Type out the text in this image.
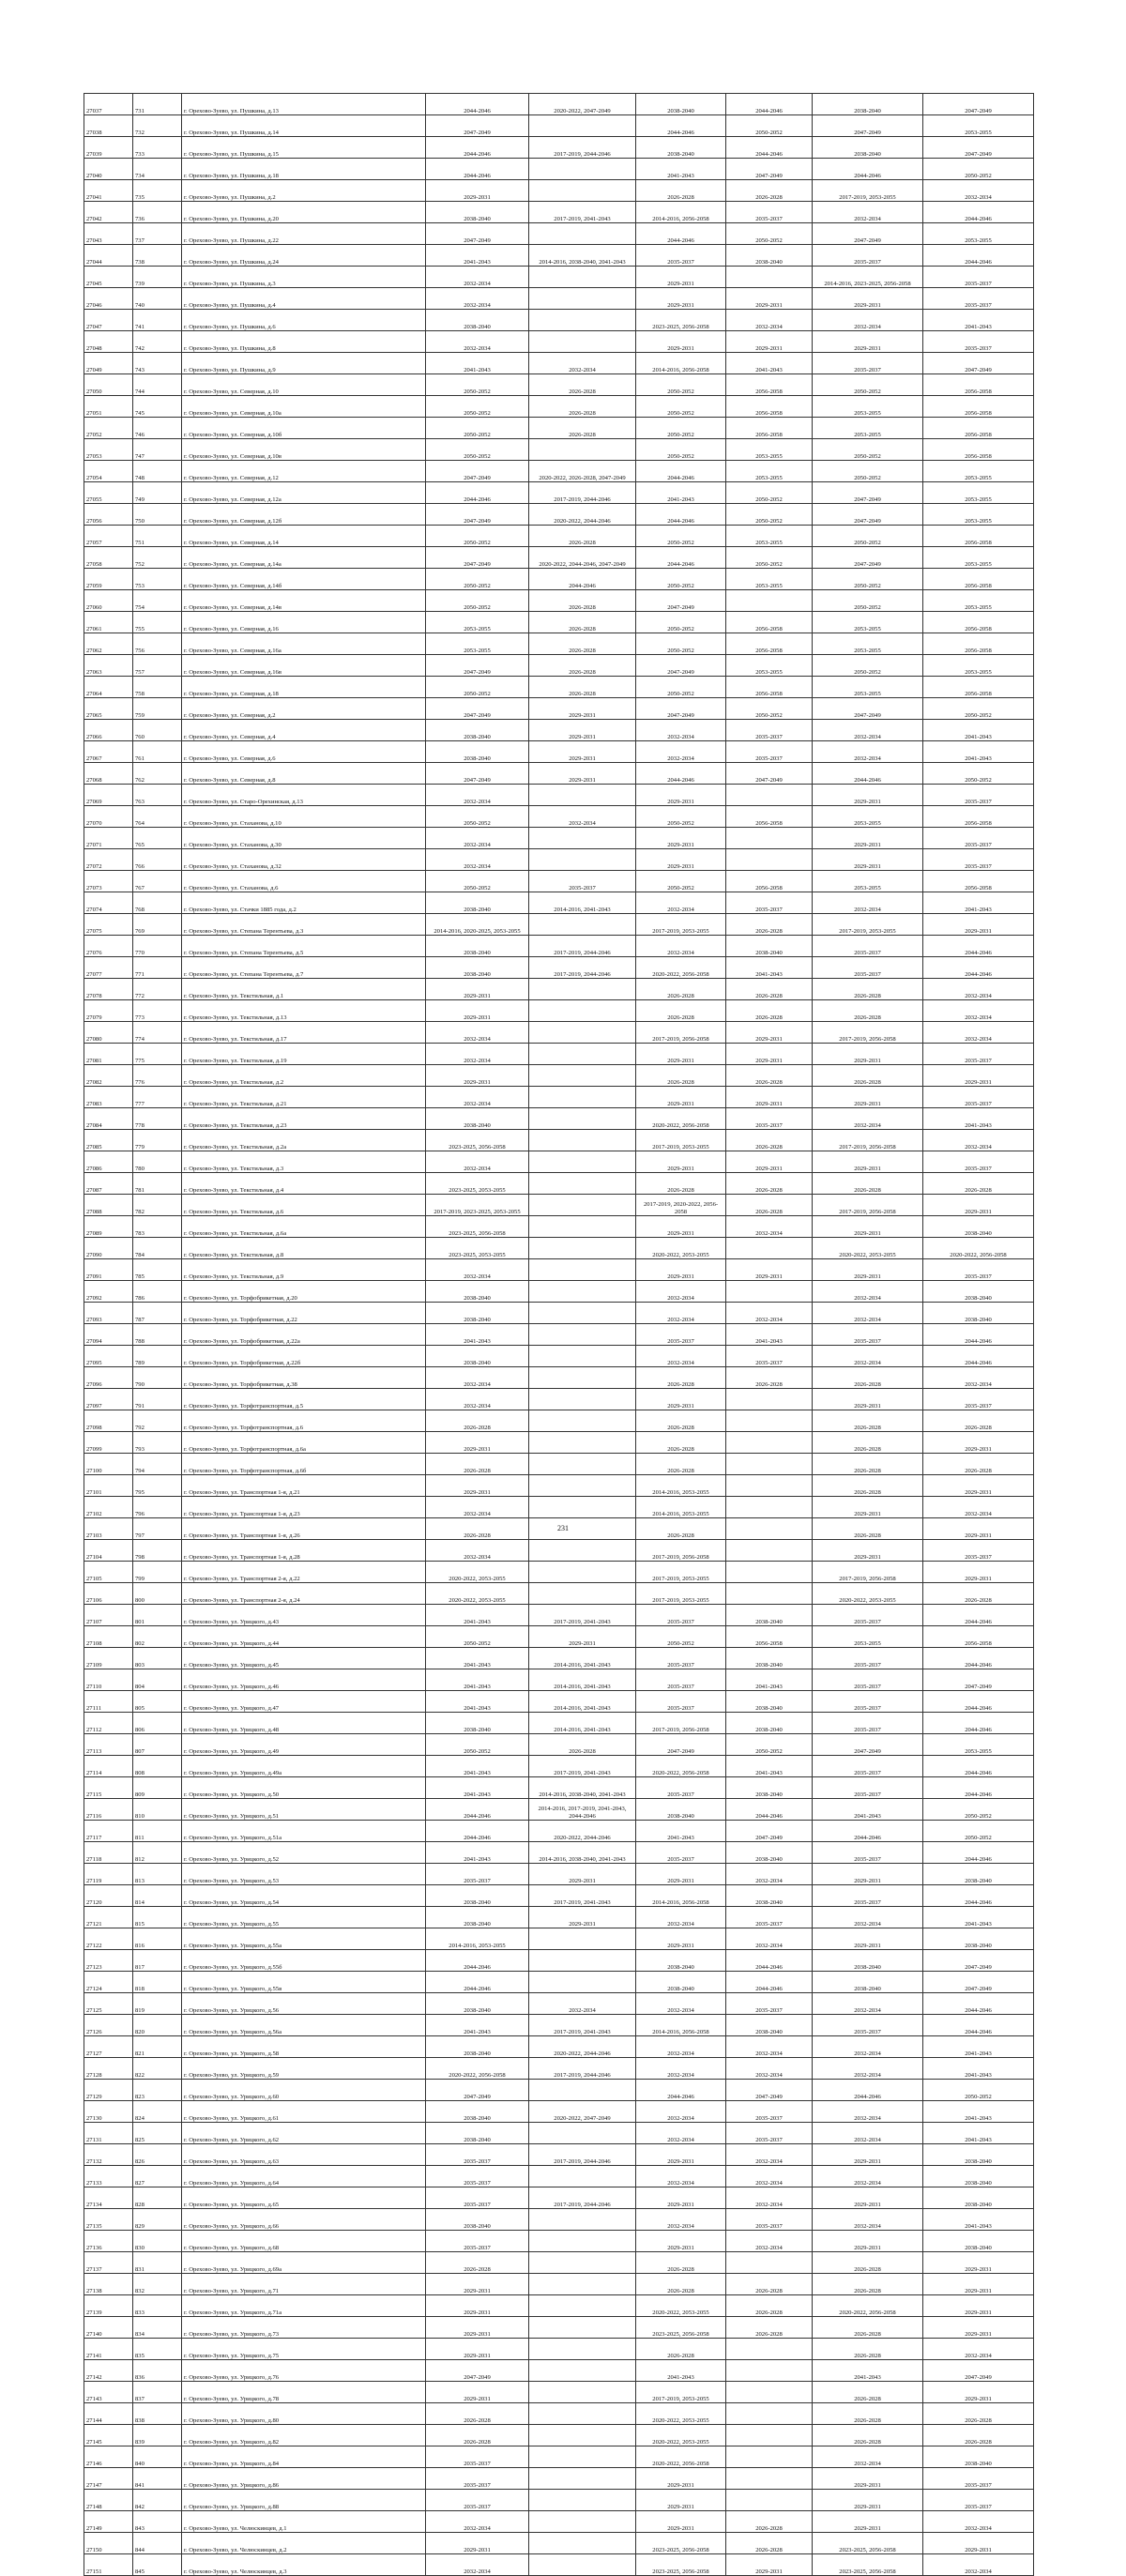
27037	731	г. Орехово-Зуево, ул. Пушкина, д.13	2044-2046	2020-2022, 2047-2049	2038-2040	2044-2046	2038-2040	2047-2049
27038	732	г. Орехово-Зуево, ул. Пушкина, д.14	2047-2049		2044-2046	2050-2052	2047-2049	2053-2055
27039	733	г. Орехово-Зуево, ул. Пушкина, д.15	2044-2046	2017-2019, 2044-2046	2038-2040	2044-2046	2038-2040	2047-2049
27040	734	г. Орехово-Зуево, ул. Пушкина, д.18	2044-2046		2041-2043	2047-2049	2044-2046	2050-2052
27041	735	г. Орехово-Зуево, ул. Пушкина, д.2	2029-2031		2026-2028	2026-2028	2017-2019, 2053-2055	2032-2034
27042	736	г. Орехово-Зуево, ул. Пушкина, д.20	2038-2040	2017-2019, 2041-2043	2014-2016, 2056-2058	2035-2037	2032-2034	2044-2046
27043	737	г. Орехово-Зуево, ул. Пушкина, д.22	2047-2049		2044-2046	2050-2052	2047-2049	2053-2055
27044	738	г. Орехово-Зуево, ул. Пушкина, д.24	2041-2043	2014-2016, 2038-2040, 2041-2043	2035-2037	2038-2040	2035-2037	2044-2046
27045	739	г. Орехово-Зуево, ул. Пушкина, д.3	2032-2034		2029-2031		2014-2016, 2023-2025, 2056-2058	2035-2037
27046	740	г. Орехово-Зуево, ул. Пушкина, д.4	2032-2034		2029-2031	2029-2031	2029-2031	2035-2037
27047	741	г. Орехово-Зуево, ул. Пушкина, д.6	2038-2040		2023-2025, 2056-2058	2032-2034	2032-2034	2041-2043
27048	742	г. Орехово-Зуево, ул. Пушкина, д.8	2032-2034		2029-2031	2029-2031	2029-2031	2035-2037
27049	743	г. Орехово-Зуево, ул. Пушкина, д.9	2041-2043	2032-2034	2014-2016, 2056-2058	2041-2043	2035-2037	2047-2049
27050	744	г. Орехово-Зуево, ул. Северная, д.10	2050-2052	2026-2028	2050-2052	2056-2058	2050-2052	2056-2058
27051	745	г. Орехово-Зуево, ул. Северная, д.10а	2050-2052	2026-2028	2050-2052	2056-2058	2053-2055	2056-2058
27052	746	г. Орехово-Зуево, ул. Северная, д.10б	2050-2052	2026-2028	2050-2052	2056-2058	2053-2055	2056-2058
27053	747	г. Орехово-Зуево, ул. Северная, д.10в	2050-2052		2050-2052	2053-2055	2050-2052	2056-2058
27054	748	г. Орехово-Зуево, ул. Северная, д.12	2047-2049	2020-2022, 2026-2028, 2047-2049	2044-2046	2053-2055	2050-2052	2053-2055
27055	749	г. Орехово-Зуево, ул. Северная, д.12а	2044-2046	2017-2019, 2044-2046	2041-2043	2050-2052	2047-2049	2053-2055
27056	750	г. Орехово-Зуево, ул. Северная, д.12б	2047-2049	2020-2022, 2044-2046	2044-2046	2050-2052	2047-2049	2053-2055
27057	751	г. Орехово-Зуево, ул. Северная, д.14	2050-2052	2026-2028	2050-2052	2053-2055	2050-2052	2056-2058
27058	752	г. Орехово-Зуево, ул. Северная, д.14а	2047-2049	2020-2022, 2044-2046, 2047-2049	2044-2046	2050-2052	2047-2049	2053-2055
27059	753	г. Орехово-Зуево, ул. Северная, д.14б	2050-2052	2044-2046	2050-2052	2053-2055	2050-2052	2056-2058
27060	754	г. Орехово-Зуево, ул. Северная, д.14в	2050-2052	2026-2028	2047-2049		2050-2052	2053-2055
27061	755	г. Орехово-Зуево, ул. Северная, д.16	2053-2055	2026-2028	2050-2052	2056-2058	2053-2055	2056-2058
27062	756	г. Орехово-Зуево, ул. Северная, д.16а	2053-2055	2026-2028	2050-2052	2056-2058	2053-2055	2056-2058
27063	757	г. Орехово-Зуево, ул. Северная, д.16в	2047-2049	2026-2028	2047-2049	2053-2055	2050-2052	2053-2055
27064	758	г. Орехово-Зуево, ул. Северная, д.18	2050-2052	2026-2028	2050-2052	2056-2058	2053-2055	2056-2058
27065	759	г. Орехово-Зуево, ул. Северная, д.2	2047-2049	2029-2031	2047-2049	2050-2052	2047-2049	2050-2052
27066	760	г. Орехово-Зуево, ул. Северная, д.4	2038-2040	2029-2031	2032-2034	2035-2037	2032-2034	2041-2043
27067	761	г. Орехово-Зуево, ул. Северная, д.6	2038-2040	2029-2031	2032-2034	2035-2037	2032-2034	2041-2043
27068	762	г. Орехово-Зуево, ул. Северная, д.8	2047-2049	2029-2031	2044-2046	2047-2049	2044-2046	2050-2052
27069	763	г. Орехово-Зуево, ул. Старо-Орехинская, д.13	2032-2034		2029-2031		2029-2031	2035-2037
27070	764	г. Орехово-Зуево, ул. Стаханова, д.10	2050-2052	2032-2034	2050-2052	2056-2058	2053-2055	2056-2058
27071	765	г. Орехово-Зуево, ул. Стаханова, д.30	2032-2034		2029-2031		2029-2031	2035-2037
27072	766	г. Орехово-Зуево, ул. Стаханова, д.32	2032-2034		2029-2031		2029-2031	2035-2037
27073	767	г. Орехово-Зуево, ул. Стаханова, д.6	2050-2052	2035-2037	2050-2052	2056-2058	2053-2055	2056-2058
27074	768	г. Орехово-Зуево, ул. Стачки 1885 года, д.2	2038-2040	2014-2016, 2041-2043	2032-2034	2035-2037	2032-2034	2041-2043
27075	769	г. Орехово-Зуево, ул. Степана Терентьева, д.3	2014-2016, 2020-2025, 2053-2055		2017-2019, 2053-2055	2026-2028	2017-2019, 2053-2055	2029-2031
27076	770	г. Орехово-Зуево, ул. Степана Терентьева, д.5	2038-2040	2017-2019, 2044-2046	2032-2034	2038-2040	2035-2037	2044-2046
27077	771	г. Орехово-Зуево, ул. Степана Терентьева, д.7	2038-2040	2017-2019, 2044-2046	2020-2022, 2056-2058	2041-2043	2035-2037	2044-2046
27078	772	г. Орехово-Зуево, ул. Текстильная, д.1	2029-2031		2026-2028	2026-2028	2026-2028	2032-2034
27079	773	г. Орехово-Зуево, ул. Текстильная, д.13	2029-2031		2026-2028	2026-2028	2026-2028	2032-2034
27080	774	г. Орехово-Зуево, ул. Текстильная, д.17	2032-2034		2017-2019, 2056-2058	2029-2031	2017-2019, 2056-2058	2032-2034
27081	775	г. Орехово-Зуево, ул. Текстильная, д.19	2032-2034		2029-2031	2029-2031	2029-2031	2035-2037
27082	776	г. Орехово-Зуево, ул. Текстильная, д.2	2029-2031		2026-2028	2026-2028	2026-2028	2029-2031
27083	777	г. Орехово-Зуево, ул. Текстильная, д.21	2032-2034		2029-2031	2029-2031	2029-2031	2035-2037
27084	778	г. Орехово-Зуево, ул. Текстильная, д.23	2038-2040		2020-2022, 2056-2058	2035-2037	2032-2034	2041-2043
27085	779	г. Орехово-Зуево, ул. Текстильная, д.2а	2023-2025, 2056-2058		2017-2019, 2053-2055	2026-2028	2017-2019, 2056-2058	2032-2034
27086	780	г. Орехово-Зуево, ул. Текстильная, д.3	2032-2034		2029-2031	2029-2031	2029-2031	2035-2037
27087	781	г. Орехово-Зуево, ул. Текстильная, д.4	2023-2025, 2053-2055		2026-2028	2026-2028	2026-2028	2026-2028
27088	782	г. Орехово-Зуево, ул. Текстильная, д.6	2017-2019, 2023-2025, 2053-2055		2017-2019, 2020-2022, 2056-2058	2026-2028	2017-2019, 2056-2058	2029-2031
27089	783	г. Орехово-Зуево, ул. Текстильная, д.6а	2023-2025, 2056-2058		2029-2031	2032-2034	2029-2031	2038-2040
27090	784	г. Орехово-Зуево, ул. Текстильная, д.8	2023-2025, 2053-2055		2020-2022, 2053-2055		2020-2022, 2053-2055	2020-2022, 2056-2058
27091	785	г. Орехово-Зуево, ул. Текстильная, д.9	2032-2034		2029-2031	2029-2031	2029-2031	2035-2037
27092	786	г. Орехово-Зуево, ул. Торфобрикетная, д.20	2038-2040		2032-2034		2032-2034	2038-2040
27093	787	г. Орехово-Зуево, ул. Торфобрикетная, д.22	2038-2040		2032-2034	2032-2034	2032-2034	2038-2040
27094	788	г. Орехово-Зуево, ул. Торфобрикетная, д.22а	2041-2043		2035-2037	2041-2043	2035-2037	2044-2046
27095	789	г. Орехово-Зуево, ул. Торфобрикетная, д.22б	2038-2040		2032-2034	2035-2037	2032-2034	2044-2046
27096	790	г. Орехово-Зуево, ул. Торфобрикетная, д.38	2032-2034		2026-2028	2026-2028	2026-2028	2032-2034
27097	791	г. Орехово-Зуево, ул. Торфотранспортная, д.5	2032-2034		2029-2031		2029-2031	2035-2037
27098	792	г. Орехово-Зуево, ул. Торфотранспортная, д.6	2026-2028		2026-2028		2026-2028	2026-2028
27099	793	г. Орехово-Зуево, ул. Торфотранспортная, д.6а	2029-2031		2026-2028		2026-2028	2029-2031
27100	794	г. Орехово-Зуево, ул. Торфотранспортная, д.6б	2026-2028		2026-2028		2026-2028	2026-2028
27101	795	г. Орехово-Зуево, ул. Транспортная 1-я, д.21	2029-2031		2014-2016, 2053-2055		2026-2028	2029-2031
27102	796	г. Орехово-Зуево, ул. Транспортная 1-я, д.23	2032-2034		2014-2016, 2053-2055		2029-2031	2032-2034
27103	797	г. Орехово-Зуево, ул. Транспортная 1-я, д.26	2026-2028		2026-2028		2026-2028	2029-2031
27104	798	г. Орехово-Зуево, ул. Транспортная 1-я, д.28	2032-2034		2017-2019, 2056-2058		2029-2031	2035-2037
27105	799	г. Орехово-Зуево, ул. Транспортная 2-я, д.22	2020-2022, 2053-2055		2017-2019, 2053-2055		2017-2019, 2056-2058	2029-2031
27106	800	г. Орехово-Зуево, ул. Транспортная 2-я, д.24	2020-2022, 2053-2055		2017-2019, 2053-2055		2020-2022, 2053-2055	2026-2028
27107	801	г. Орехово-Зуево, ул. Урицкого, д.43	2041-2043	2017-2019, 2041-2043	2035-2037	2038-2040	2035-2037	2044-2046
27108	802	г. Орехово-Зуево, ул. Урицкого, д.44	2050-2052	2029-2031	2050-2052	2056-2058	2053-2055	2056-2058
27109	803	г. Орехово-Зуево, ул. Урицкого, д.45	2041-2043	2014-2016, 2041-2043	2035-2037	2038-2040	2035-2037	2044-2046
27110	804	г. Орехово-Зуево, ул. Урицкого, д.46	2041-2043	2014-2016, 2041-2043	2035-2037	2041-2043	2035-2037	2047-2049
27111	805	г. Орехово-Зуево, ул. Урицкого, д.47	2041-2043	2014-2016, 2041-2043	2035-2037	2038-2040	2035-2037	2044-2046
27112	806	г. Орехово-Зуево, ул. Урицкого, д.48	2038-2040	2014-2016, 2041-2043	2017-2019, 2056-2058	2038-2040	2035-2037	2044-2046
27113	807	г. Орехово-Зуево, ул. Урицкого, д.49	2050-2052	2026-2028	2047-2049	2050-2052	2047-2049	2053-2055
27114	808	г. Орехово-Зуево, ул. Урицкого, д.49а	2041-2043	2017-2019, 2041-2043	2020-2022, 2056-2058	2041-2043	2035-2037	2044-2046
27115	809	г. Орехово-Зуево, ул. Урицкого, д.50	2041-2043	2014-2016, 2038-2040, 2041-2043	2035-2037	2038-2040	2035-2037	2044-2046
27116	810	г. Орехово-Зуево, ул. Урицкого, д.51	2044-2046	2014-2016, 2017-2019, 2041-2043, 2044-2046	2038-2040	2044-2046	2041-2043	2050-2052
27117	811	г. Орехово-Зуево, ул. Урицкого, д.51а	2044-2046	2020-2022, 2044-2046	2041-2043	2047-2049	2044-2046	2050-2052
27118	812	г. Орехово-Зуево, ул. Урицкого, д.52	2041-2043	2014-2016, 2038-2040, 2041-2043	2035-2037	2038-2040	2035-2037	2044-2046
27119	813	г. Орехово-Зуево, ул. Урицкого, д.53	2035-2037	2029-2031	2029-2031	2032-2034	2029-2031	2038-2040
27120	814	г. Орехово-Зуево, ул. Урицкого, д.54	2038-2040	2017-2019, 2041-2043	2014-2016, 2056-2058	2038-2040	2035-2037	2044-2046
27121	815	г. Орехово-Зуево, ул. Урицкого, д.55	2038-2040	2029-2031	2032-2034	2035-2037	2032-2034	2041-2043
27122	816	г. Орехово-Зуево, ул. Урицкого, д.55а	2014-2016, 2053-2055		2029-2031	2032-2034	2029-2031	2038-2040
27123	817	г. Орехово-Зуево, ул. Урицкого, д.55б	2044-2046		2038-2040	2044-2046	2038-2040	2047-2049
27124	818	г. Орехово-Зуево, ул. Урицкого, д.55в	2044-2046		2038-2040	2044-2046	2038-2040	2047-2049
27125	819	г. Орехово-Зуево, ул. Урицкого, д.56	2038-2040	2032-2034	2032-2034	2035-2037	2032-2034	2044-2046
27126	820	г. Орехово-Зуево, ул. Урицкого, д.56а	2041-2043	2017-2019, 2041-2043	2014-2016, 2056-2058	2038-2040	2035-2037	2044-2046
27127	821	г. Орехово-Зуево, ул. Урицкого, д.58	2038-2040	2020-2022, 2044-2046	2032-2034	2032-2034	2032-2034	2041-2043
27128	822	г. Орехово-Зуево, ул. Урицкого, д.59	2020-2022, 2056-2058	2017-2019, 2044-2046	2032-2034	2032-2034	2032-2034	2041-2043
27129	823	г. Орехово-Зуево, ул. Урицкого, д.60	2047-2049		2044-2046	2047-2049	2044-2046	2050-2052
27130	824	г. Орехово-Зуево, ул. Урицкого, д.61	2038-2040	2020-2022, 2047-2049	2032-2034	2035-2037	2032-2034	2041-2043
27131	825	г. Орехово-Зуево, ул. Урицкого, д.62	2038-2040		2032-2034	2035-2037	2032-2034	2041-2043
27132	826	г. Орехово-Зуево, ул. Урицкого, д.63	2035-2037	2017-2019, 2044-2046	2029-2031	2032-2034	2029-2031	2038-2040
27133	827	г. Орехово-Зуево, ул. Урицкого, д.64	2035-2037		2032-2034	2032-2034	2032-2034	2038-2040
27134	828	г. Орехово-Зуево, ул. Урицкого, д.65	2035-2037	2017-2019, 2044-2046	2029-2031	2032-2034	2029-2031	2038-2040
27135	829	г. Орехово-Зуево, ул. Урицкого, д.66	2038-2040		2032-2034	2035-2037	2032-2034	2041-2043
27136	830	г. Орехово-Зуево, ул. Урицкого, д.68	2035-2037		2029-2031	2032-2034	2029-2031	2038-2040
27137	831	г. Орехово-Зуево, ул. Урицкого, д.69а	2026-2028		2026-2028		2026-2028	2029-2031
27138	832	г. Орехово-Зуево, ул. Урицкого, д.71	2029-2031		2026-2028	2026-2028	2026-2028	2029-2031
27139	833	г. Орехово-Зуево, ул. Урицкого, д.71а	2029-2031		2020-2022, 2053-2055	2026-2028	2020-2022, 2056-2058	2029-2031
27140	834	г. Орехово-Зуево, ул. Урицкого, д.73	2029-2031		2023-2025, 2056-2058	2026-2028	2026-2028	2029-2031
27141	835	г. Орехово-Зуево, ул. Урицкого, д.75	2029-2031		2026-2028		2026-2028	2032-2034
27142	836	г. Орехово-Зуево, ул. Урицкого, д.76	2047-2049		2041-2043		2041-2043	2047-2049
27143	837	г. Орехово-Зуево, ул. Урицкого, д.78	2029-2031		2017-2019, 2053-2055		2026-2028	2029-2031
27144	838	г. Орехово-Зуево, ул. Урицкого, д.80	2026-2028		2020-2022, 2053-2055		2026-2028	2026-2028
27145	839	г. Орехово-Зуево, ул. Урицкого, д.82	2026-2028		2020-2022, 2053-2055		2026-2028	2026-2028
27146	840	г. Орехово-Зуево, ул. Урицкого, д.84	2035-2037		2020-2022, 2056-2058		2032-2034	2038-2040
27147	841	г. Орехово-Зуево, ул. Урицкого, д.86	2035-2037		2029-2031		2029-2031	2035-2037
27148	842	г. Орехово-Зуево, ул. Урицкого, д.88	2035-2037		2029-2031		2029-2031	2035-2037
27149	843	г. Орехово-Зуево, ул. Челюскинцев, д.1	2032-2034		2029-2031	2026-2028	2029-2031	2032-2034
27150	844	г. Орехово-Зуево, ул. Челюскинцев, д.2	2029-2031		2023-2025, 2056-2058	2026-2028	2023-2025, 2056-2058	2029-2031
27151	845	г. Орехово-Зуево, ул. Челюскинцев, д.3	2032-2034		2023-2025, 2056-2058	2029-2031	2023-2025, 2056-2058	2032-2034
231
